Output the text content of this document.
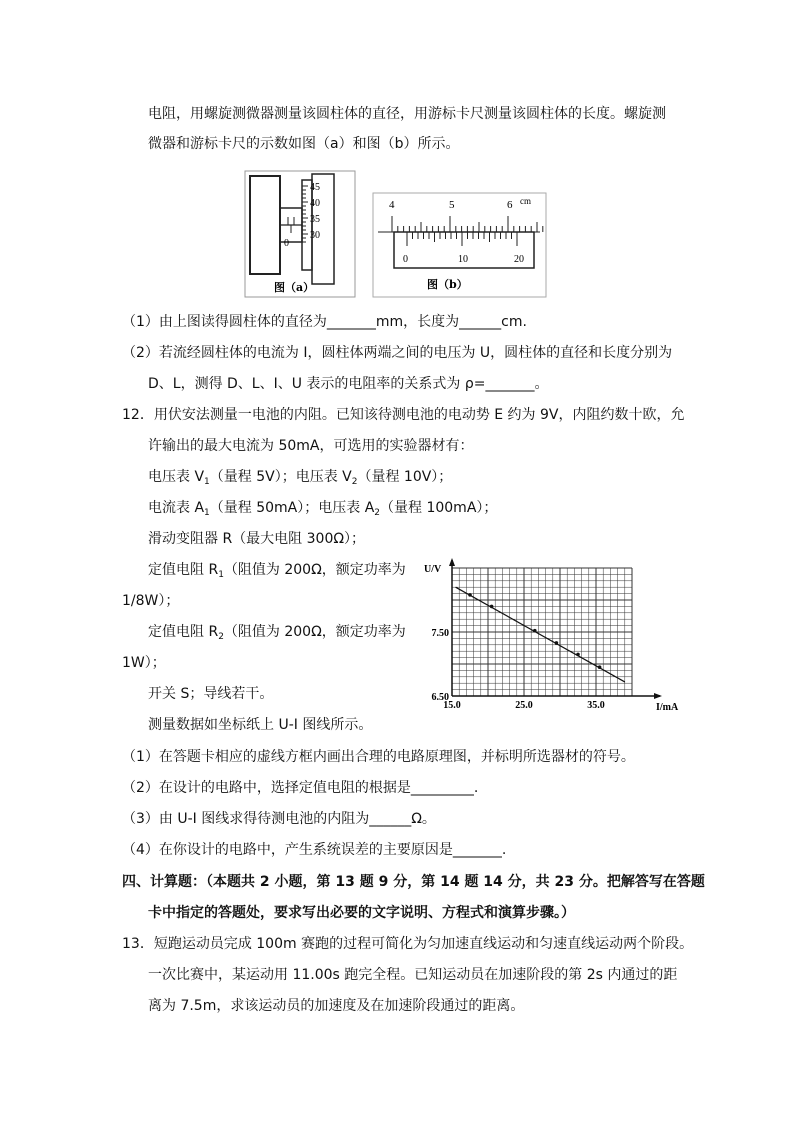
电阻，用螺旋测微器测量该圆柱体的直径，用游标卡尺测量该圆柱体的长度。螺旋测
微器和游标卡尺的示数如图（a）和图（b）所示。
45
40
35
30
0
图（a）
4	5	6 cm
0	10	20
图（b）
（1）由上图读得圆柱体的直径为_______mm，长度为______cm.
（2）若流经圆柱体的电流为 I，圆柱体两端之间的电压为 U，圆柱体的直径和长度分别为
D、L，测得 D、L、I、U 表示的电阻率的关系式为 ρ=_______。
12．用伏安法测量一电池的内阻。已知该待测电池的电动势 E 约为 9V，内阻约数十欧，允
许输出的最大电流为 50mA，可选用的实验器材有：
电压表 $V_1$（量程 5V）；电压表 $V_2$（量程 10V）；
电流表 $A_1$（量程 50mA）；电压表 $A_2$（量程 100mA）；
滑动变阻器 R（最大电阻 300Ω）；
定值电阻 $R_1$（阻值为 200Ω，额定功率为
1/8W）；
定值电阻 $R_2$（阻值为 200Ω，额定功率为
1W）；
开关 S；导线若干。
测量数据如坐标纸上 U-I 图线所示。
15.0	25.0	35.0
6.50
7.50
U/V
I/mA
（1）在答题卡相应的虚线方框内画出合理的电路原理图，并标明所选器材的符号。
（2）在设计的电路中，选择定值电阻的根据是_________.
（3）由 U-I 图线求得待测电池的内阻为______Ω。
（4）在你设计的电路中，产生系统误差的主要原因是_______.
四、计算题：（本题共 2 小题，第 13 题 9 分，第 14 题 14 分，共 23 分。把解答写在答题
卡中指定的答题处，要求写出必要的文字说明、方程式和演算步骤。）
13．短跑运动员完成 100m 赛跑的过程可简化为匀加速直线运动和匀速直线运动两个阶段。
一次比赛中，某运动用 11.00s 跑完全程。已知运动员在加速阶段的第 2s 内通过的距
离为 7.5m，求该运动员的加速度及在加速阶段通过的距离。
